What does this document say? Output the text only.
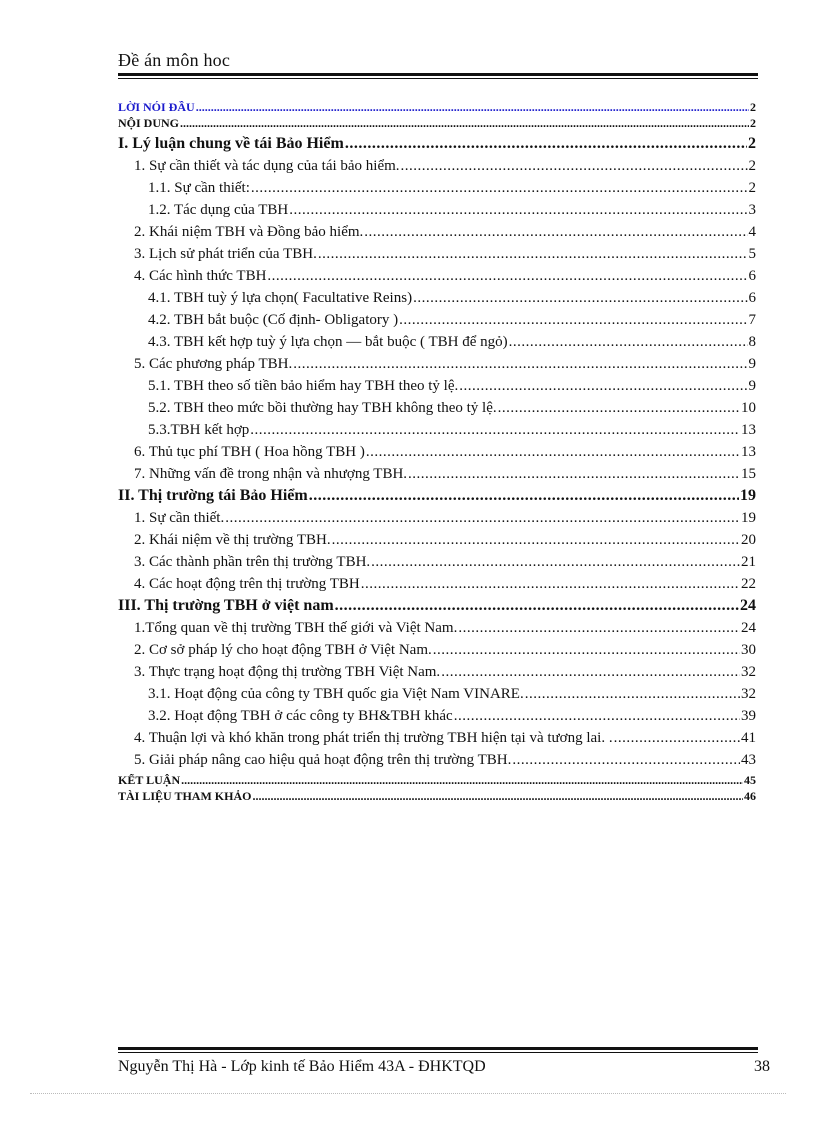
Đề án môn hoc
LỜI NÓI ĐẦU .....	2
NỘI DUNG .....	2
I. Lý luận chung về tái Bảo Hiểm .....	2
1. Sự cần thiết và tác dụng của tái bảo hiểm. .....	2
1.1. Sự cần thiết: .....	2
1.2. Tác dụng của TBH .....	3
2. Khái niệm TBH và Đồng bảo hiểm. .....	4
3. Lịch sử phát triển của TBH. .....	5
4. Các hình thức TBH .....	6
4.1. TBH tuỳ ý lựa chọn( Facultative Reins) .....	6
4.2. TBH bắt buộc (Cố định- Obligatory ) .....	7
4.3. TBH kết hợp tuỳ ý lựa chọn — bắt buộc ( TBH để ngỏ) .....	8
5. Các phương pháp TBH. .....	9
5.1. TBH theo số tiền bảo hiểm hay TBH theo tỷ lệ. .....	9
5.2. TBH theo mức bồi thường hay TBH không theo tỷ lệ. .....	10
5.3.TBH kết hợp .....	13
6. Thủ tục phí TBH ( Hoa hồng TBH ) .....	13
7. Những vấn đề trong nhận và nhượng TBH. .....	15
II. Thị trường tái Bảo Hiểm .....	19
1. Sự cần thiết. .....	19
2. Khái niệm về thị trường TBH. .....	20
3. Các thành phần trên thị trường TBH. .....	21
4. Các hoạt động trên thị trường TBH .....	22
III. Thị trường TBH ở việt nam .....	24
1.Tổng quan về thị trường TBH thế giới và Việt Nam. .....	24
2. Cơ sở pháp lý cho hoạt động TBH ở Việt Nam. .....	30
3. Thực trạng hoạt động thị trường TBH Việt Nam. .....	32
3.1. Hoạt động của công ty TBH quốc gia Việt Nam VINARE. .....	32
3.2. Hoạt động TBH ở các công ty BH&TBH khác .....	39
4. Thuận lợi và khó khăn trong phát triển thị trường TBH hiện tại và tương lai. . .....	41
5. Giải pháp nâng cao hiệu quả hoạt động trên thị trường TBH. .....	43
KẾT LUẬN .....	45
TÀI LIỆU THAM KHẢO .....	46
Nguyễn Thị Hà - Lớp kinh tế Bảo Hiểm 43A - ĐHKTQD	38
